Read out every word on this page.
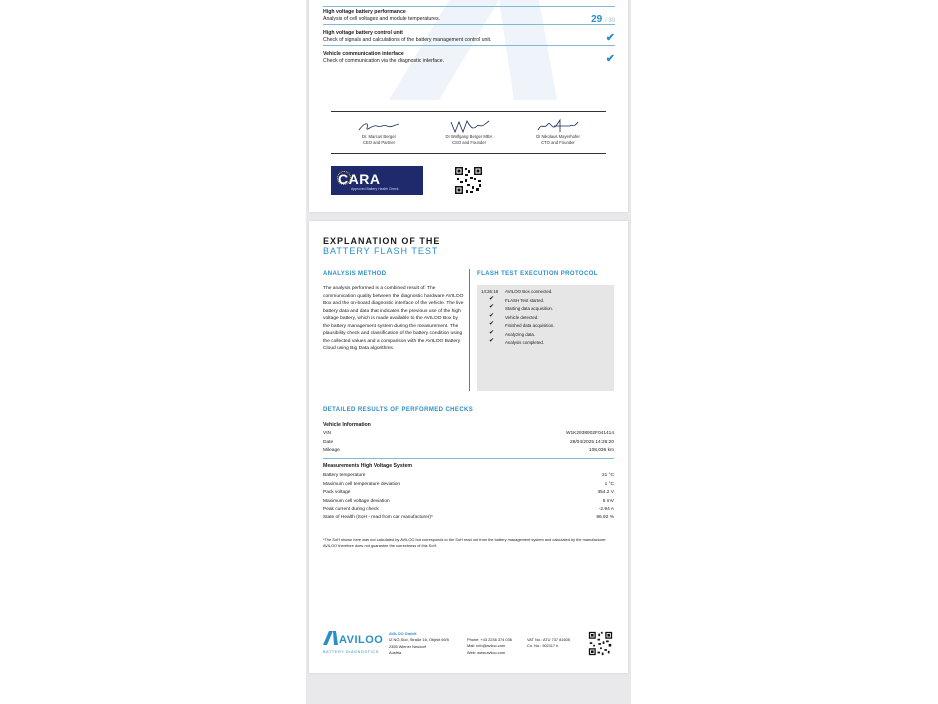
High voltage battery performance
Analysis of cell voltages and module temperatures.	29 / 30
High voltage battery control unit
Check of signals and calculations of the battery management control unit.	✔
Vehicle communication interface
Check of communication via the diagnostic interface.	✔
Dr. Marcus Berger
CEO and Partner
DI Wolfgang Berger MBA
CSO and Founder
DI Nikolaus Mayerhofer
CTO and Founder
CARA
Approved Battery Health Check
EXPLANATION OF THE
BATTERY FLASH TEST
ANALYSIS METHOD
The analysis performed is a combined result of: The communication quality between the diagnostic hardware AVILOO Box and the on-board diagnostic interface of the vehicle. The live battery data and data that indicates the previous use of the high voltage battery, which is made available to the AVILOO Box by the battery management system during the measurement. The plausibility check and classification of the battery condition using the collected values and a comparison with the AVILOO Battery Cloud using Big Data algorithms.
FLASH TEST EXECUTION PROTOCOL
14:26:18 AVILOO Box connected.
✔ FLASH Test started.
✔ Starting data acquisition.
✔ Vehicle detected.
✔ Finished data acquisition.
✔ Analyzing data.
✔ Analysis completed.
DETAILED RESULTS OF PERFORMED CHECKS
Vehicle Information
VIN	W1K2938902F041414
Date	28/04/2025 14:26:20
Mileage	108,036 km
Measurements High Voltage System
Battery temperature	21 °C
Maximum cell temperature deviation	1 °C
Pack voltage	354.2 V
Maximum cell voltage deviation	6 mV
Peak current during check	-2.94 A
State of Health (SoH - read from car manufacturer)*	96.92 %
*The SoH shown here was not calculated by AVILOO but corresponds to the SoH read out from the battery management system and calculated by the manufacturer. AVILOO therefore does not guarantee the correctness of this SoH.
AVILOO
BATTERY DIAGNOSTICS
AVILOO GmbH
IZ NÖ-Süd, Straße 16, Objekt 69/5
2355 Wiener Neudorf
Austria
Phone: +43 2236 374 036
Mail: info@aviloo.com
Web: www.aviloo.com
VAT No.: ATU 737 81605
Co. No.: 502117 h
